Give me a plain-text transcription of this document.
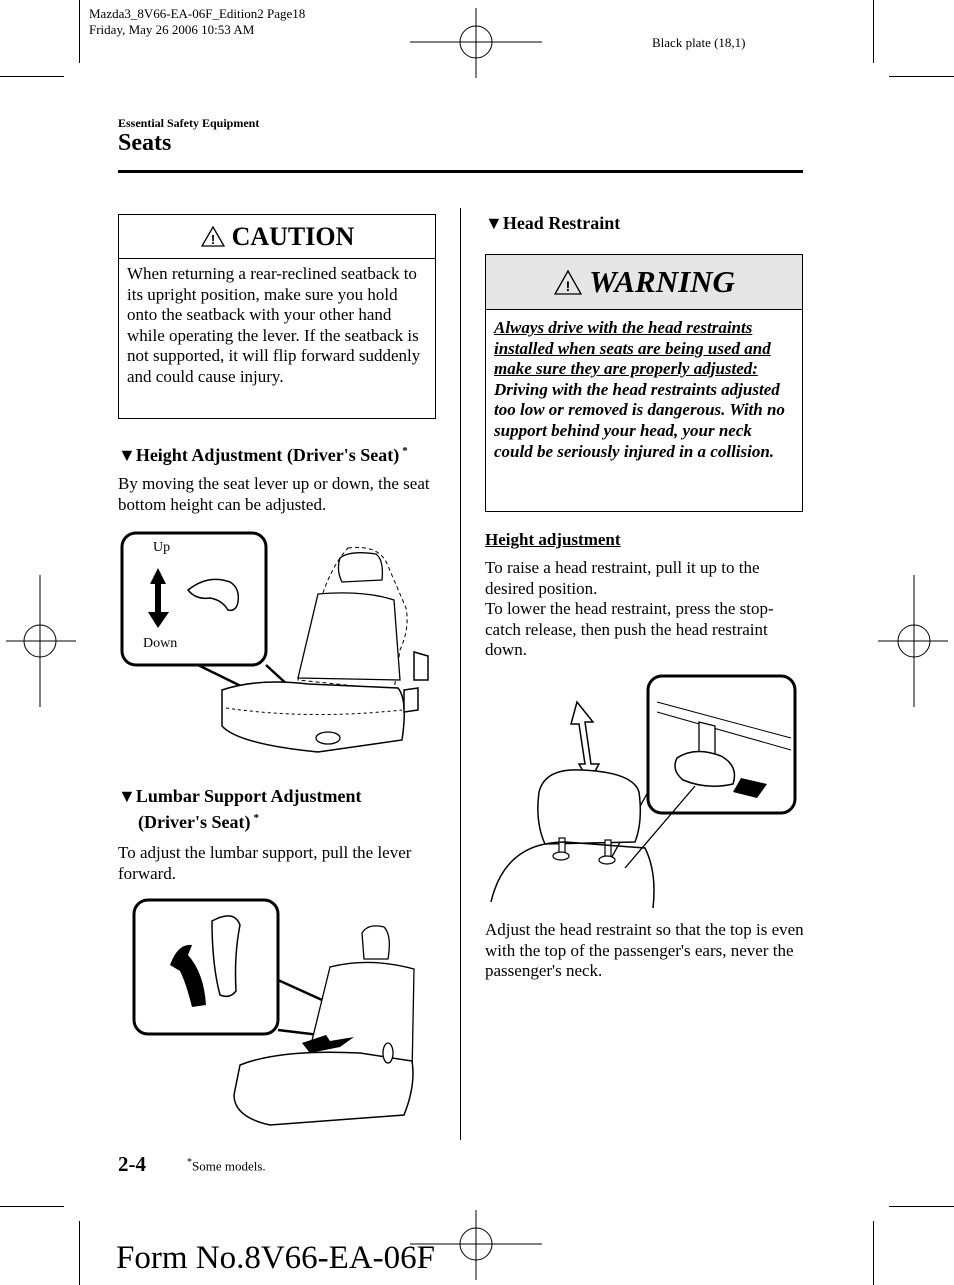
Mazda3_8V66-EA-06F_Edition2 Page18
Friday, May 26 2006 10:53 AM
Black plate (18,1)
Essential Safety Equipment
Seats
! CAUTION
When returning a rear-reclined seatback to its upright position, make sure you hold onto the seatback with your other hand while operating the lever. If the seatback is not supported, it will flip forward suddenly and could cause injury.
▼Height Adjustment (Driver's Seat) *
By moving the seat lever up or down, the seat bottom height can be adjusted.
Up
Down
▼Lumbar Support Adjustment
(Driver's Seat) *
To adjust the lumbar support, pull the lever forward.
▼Head Restraint
! WARNING
Always drive with the head restraints installed when seats are being used and make sure they are properly adjusted:
Driving with the head restraints adjusted too low or removed is dangerous. With no support behind your head, your neck could be seriously injured in a collision.
Height adjustment
To raise a head restraint, pull it up to the desired position.
To lower the head restraint, press the stop-catch release, then push the head restraint down.
Adjust the head restraint so that the top is even with the top of the passenger's ears, never the passenger's neck.
2-4	*Some models.
Form No.8V66-EA-06F
